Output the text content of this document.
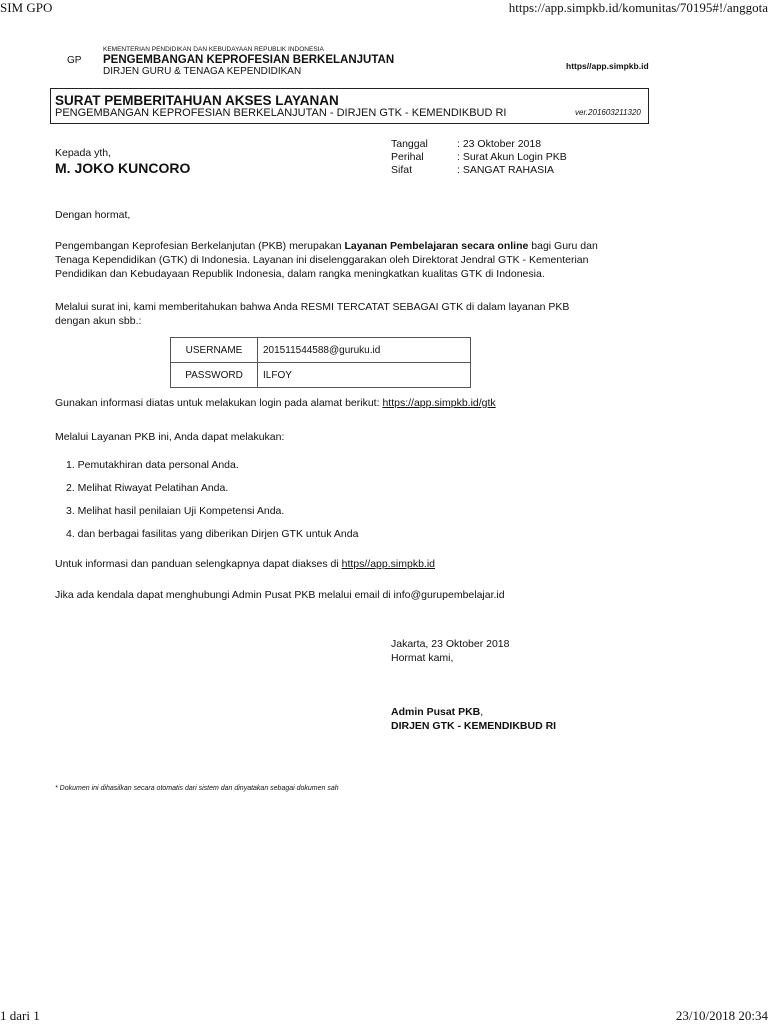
SIM GPO	https://app.simpkb.id/komunitas/70195#!/anggota
GP
KEMENTERIAN PENDIDIKAN DAN KEBUDAYAAN REPUBLIK INDONESIA
PENGEMBANGAN KEPROFESIAN BERKELANJUTAN
DIRJEN GURU & TENAGA KEPENDIDIKAN	https//app.simpkb.id
SURAT PEMBERITAHUAN AKSES LAYANAN
PENGEMBANGAN KEPROFESIAN BERKELANJUTAN - DIRJEN GTK - KEMENDIKBUD RI	ver.201603211320
Tanggal	: 23 Oktober 2018
Perihal	: Surat Akun Login PKB
Sifat	: SANGAT RAHASIA
Kepada yth,
M. JOKO KUNCORO
Dengan hormat,
Pengembangan Keprofesian Berkelanjutan (PKB) merupakan Layanan Pembelajaran secara online bagi Guru dan
Tenaga Kependidikan (GTK) di Indonesia. Layanan ini diselenggarakan oleh Direktorat Jendral GTK - Kementerian
Pendidikan dan Kebudayaan Republik Indonesia, dalam rangka meningkatkan kualitas GTK di Indonesia.
Melalui surat ini, kami memberitahukan bahwa Anda RESMI TERCATAT SEBAGAI GTK di dalam layanan PKB
dengan akun sbb.:
USERNAME	201511544588@guruku.id
PASSWORD	ILFOY
Gunakan informasi diatas untuk melakukan login pada alamat berikut: https://app.simpkb.id/gtk
Melalui Layanan PKB ini, Anda dapat melakukan:
1. Pemutakhiran data personal Anda.
2. Melihat Riwayat Pelatihan Anda.
3. Melihat hasil penilaian Uji Kompetensi Anda.
4. dan berbagai fasilitas yang diberikan Dirjen GTK untuk Anda
Untuk informasi dan panduan selengkapnya dapat diakses di https//app.simpkb.id
Jika ada kendala dapat menghubungi Admin Pusat PKB melalui email di info@gurupembelajar.id
Jakarta, 23 Oktober 2018
Hormat kami,
Admin Pusat PKB,
DIRJEN GTK - KEMENDIKBUD RI
* Dokumen ini dihasilkan secara otomatis dari sistem dan dinyatakan sebagai dokumen sah
1 dari 1	23/10/2018 20:34
